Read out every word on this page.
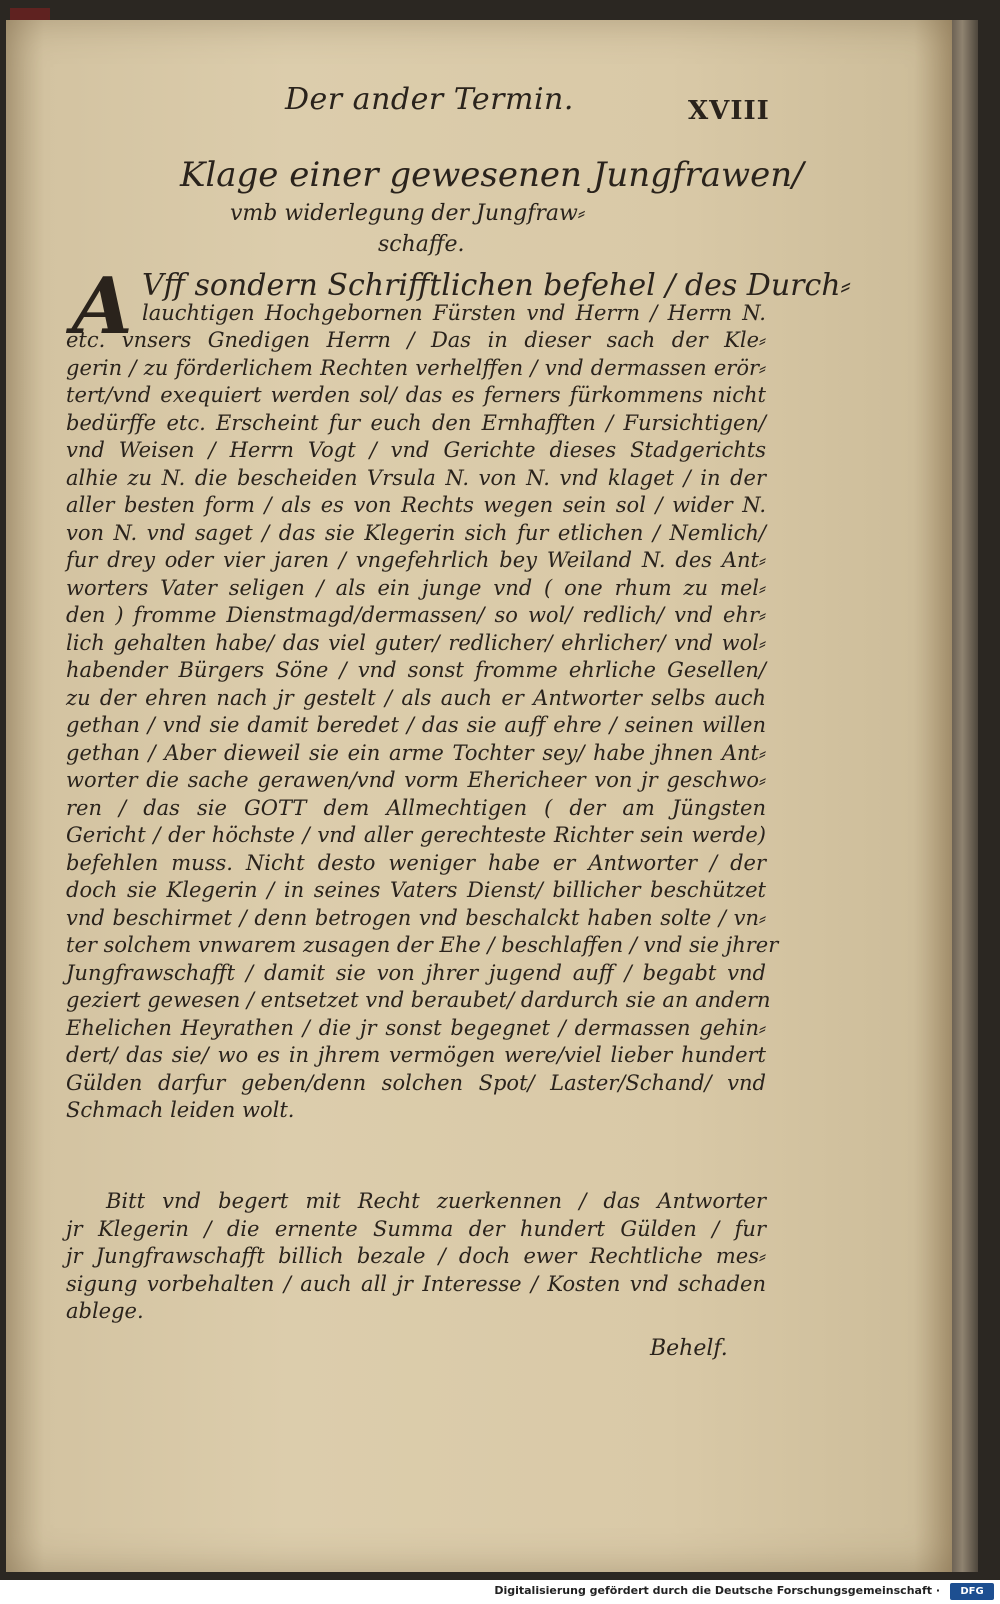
Der ander Termin.	XVIII
Klage einer gewesenen Jungfrawen/
vmb widerlegung der Jungfraw⸗
schaffe.
A Vff sondern Schrifftlichen befehel / des Durch⸗
lauchtigen Hochgebornen Fürsten vnd Herrn / Herrn N.
etc. vnsers Gnedigen Herrn / Das in dieser sach der Kle⸗
gerin / zu förderlichem Rechten verhelffen / vnd dermassen erör⸗
tert/vnd exequiert werden sol/ das es ferners fürkommens nicht
bedürffe etc. Erscheint fur euch den Ernhafften / Fursichtigen/
vnd Weisen / Herrn Vogt / vnd Gerichte dieses Stadgerichts
alhie zu N. die bescheiden Vrsula N. von N. vnd klaget / in der
aller besten form / als es von Rechts wegen sein sol / wider N.
von N. vnd saget / das sie Klegerin sich fur etlichen / Nemlich/
fur drey oder vier jaren / vngefehrlich bey Weiland N. des Ant⸗
worters Vater seligen / als ein junge vnd ( one rhum zu mel⸗
den ) fromme Dienstmagd/dermassen/ so wol/ redlich/ vnd ehr⸗
lich gehalten habe/ das viel guter/ redlicher/ ehrlicher/ vnd wol⸗
habender Bürgers Söne / vnd sonst fromme ehrliche Gesellen/
zu der ehren nach jr gestelt / als auch er Antworter selbs auch
gethan / vnd sie damit beredet / das sie auff ehre / seinen willen
gethan / Aber dieweil sie ein arme Tochter sey/ habe jhnen Ant⸗
worter die sache gerawen/vnd vorm Ehericheer von jr geschwo⸗
ren / das sie GOTT dem Allmechtigen ( der am Jüngsten
Gericht / der höchste / vnd aller gerechteste Richter sein werde)
befehlen muss. Nicht desto weniger habe er Antworter / der
doch sie Klegerin / in seines Vaters Dienst/ billicher beschützet
vnd beschirmet / denn betrogen vnd beschalckt haben solte / vn⸗
ter solchem vnwarem zusagen der Ehe / beschlaffen / vnd sie jhrer
Jungfrawschafft / damit sie von jhrer jugend auff / begabt vnd
geziert gewesen / entsetzet vnd beraubet/ dardurch sie an andern
Ehelichen Heyrathen / die jr sonst begegnet / dermassen gehin⸗
dert/ das sie/ wo es in jhrem vermögen were/viel lieber hundert
Gülden darfur geben/denn solchen Spot/ Laster/Schand/ vnd
Schmach leiden wolt.
Bitt vnd begert mit Recht zuerkennen / das Antworter
jr Klegerin / die ernente Summa der hundert Gülden / fur
jr Jungfrawschafft billich bezale / doch ewer Rechtliche mes⸗
sigung vorbehalten / auch all jr Interesse / Kosten vnd schaden
ablege.
Behelf.
Digitalisierung gefördert durch die Deutsche Forschungsgemeinschaft ·	DFG
